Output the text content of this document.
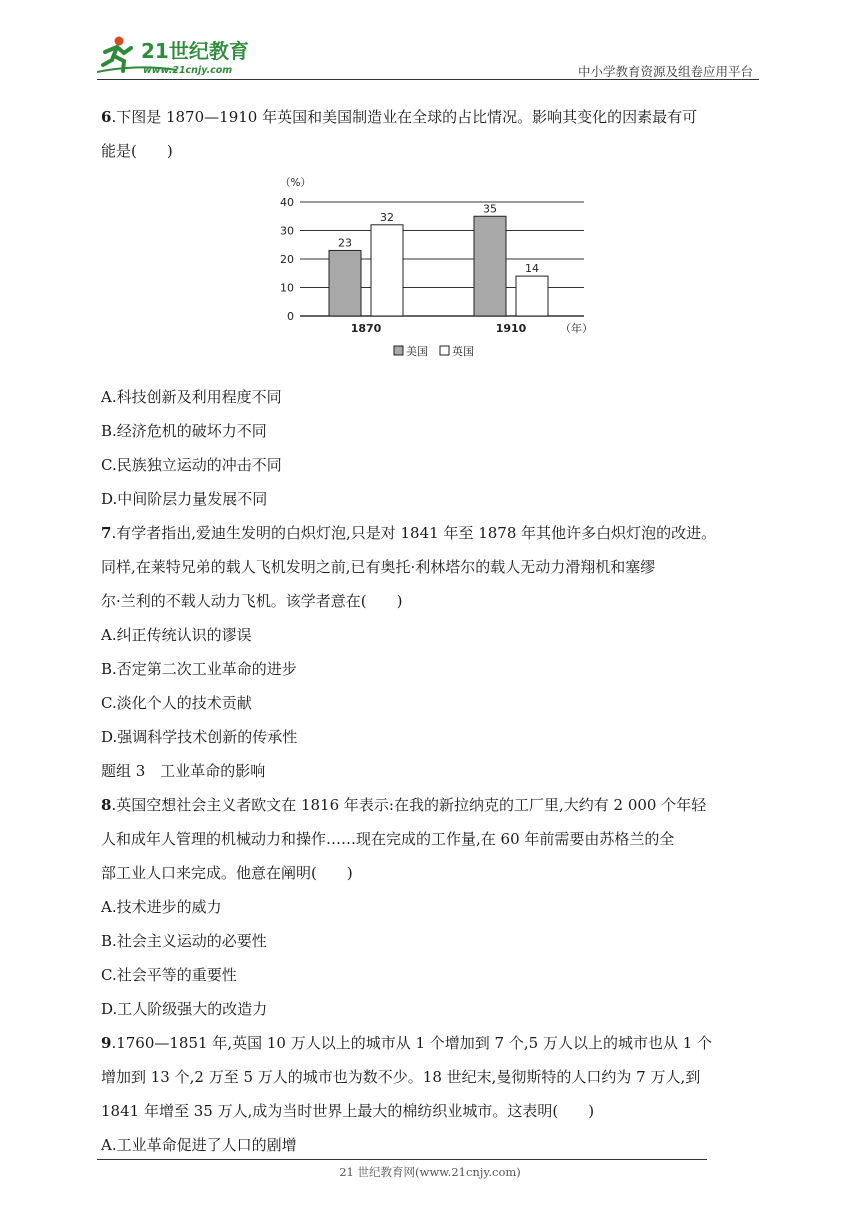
21世纪教育
www.21cnjy.com	中小学教育资源及组卷应用平台
6.下图是 1870—1910 年英国和美国制造业在全球的占比情况。影响其变化的因素最有可
能是(　　)
（%）
40
30
20
10
0
23
32
1870
35
14
1910	（年）
美国 英国
A.科技创新及利用程度不同
B.经济危机的破坏力不同
C.民族独立运动的冲击不同
D.中间阶层力量发展不同
7.有学者指出,爱迪生发明的白炽灯泡,只是对 1841 年至 1878 年其他许多白炽灯泡的改进。
同样,在莱特兄弟的载人飞机发明之前,已有奥托·利林塔尔的载人无动力滑翔机和塞缪
尔·兰利的不载人动力飞机。该学者意在(　　)
A.纠正传统认识的谬误
B.否定第二次工业革命的进步
C.淡化个人的技术贡献
D.强调科学技术创新的传承性
题组 3　工业革命的影响
8.英国空想社会主义者欧文在 1816 年表示:在我的新拉纳克的工厂里,大约有 2 000 个年轻
人和成年人管理的机械动力和操作……现在完成的工作量,在 60 年前需要由苏格兰的全
部工业人口来完成。他意在阐明(　　)
A.技术进步的威力
B.社会主义运动的必要性
C.社会平等的重要性
D.工人阶级强大的改造力
9.1760—1851 年,英国 10 万人以上的城市从 1 个增加到 7 个,5 万人以上的城市也从 1 个
增加到 13 个,2 万至 5 万人的城市也为数不少。18 世纪末,曼彻斯特的人口约为 7 万人,到
1841 年增至 35 万人,成为当时世界上最大的棉纺织业城市。这表明(　　)
A.工业革命促进了人口的剧增
21 世纪教育网(www.21cnjy.com)
